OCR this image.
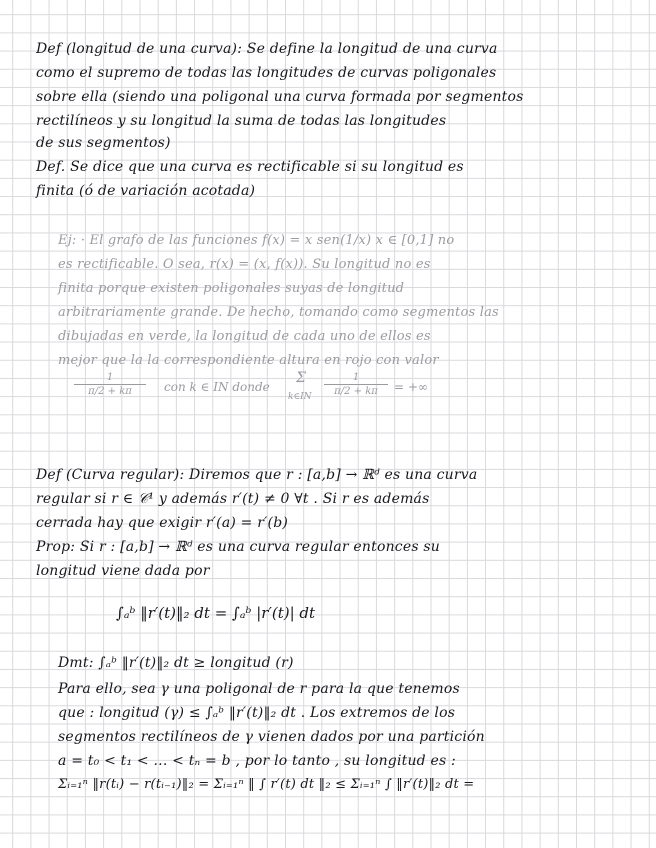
Def (longitud de una curva): Se define la longitud de una curva
como el supremo de todas las longitudes de curvas poligonales
sobre ella (siendo una poligonal una curva formada por segmentos
rectilíneos y su longitud la suma de todas las longitudes
de sus segmentos)
Def. Se dice que una curva es rectificable si su longitud es
finita (ó de variación acotada)
Ej: · El grafo de las funciones f(x) = x sen(1/x) x ∈ [0,1] no
es rectificable. O sea, r(x) = (x, f(x)). Su longitud no es
finita porque existen poligonales suyas de longitud
arbitrariamente grande. De hecho, tomando como segmentos las
dibujadas en verde, la longitud de cada uno de ellos es
mejor que la la correspondiente altura en rojo con valor
1
π/2 + kπ	con k ∈ IN donde
Σ
k∈IN
1
π/2 + kπ	= +∞
Def (Curva regular): Diremos que r : [a,b] → ℝᵈ es una curva
regular si r ∈ 𝒞¹ y además r′(t) ≠ 0 ∀t . Si r es además
cerrada hay que exigir r′(a) = r′(b)
Prop: Si r : [a,b] → ℝᵈ es una curva regular entonces su
longitud viene dada por
∫ₐᵇ ‖r′(t)‖₂ dt = ∫ₐᵇ |r′(t)| dt
Dmt: ∫ₐᵇ ‖r′(t)‖₂ dt ≥ longitud (r)
Para ello, sea γ una poligonal de r para la que tenemos
que : longitud (γ) ≤ ∫ₐᵇ ‖r′(t)‖₂ dt . Los extremos de los
segmentos rectilíneos de γ vienen dados por una partición
a = t₀ < t₁ < ... < tₙ = b , por lo tanto , su longitud es :
Σᵢ₌₁ⁿ ‖r(tᵢ) − r(tᵢ₋₁)‖₂ = Σᵢ₌₁ⁿ ‖ ∫ r′(t) dt ‖₂ ≤ Σᵢ₌₁ⁿ ∫ ‖r′(t)‖₂ dt =
